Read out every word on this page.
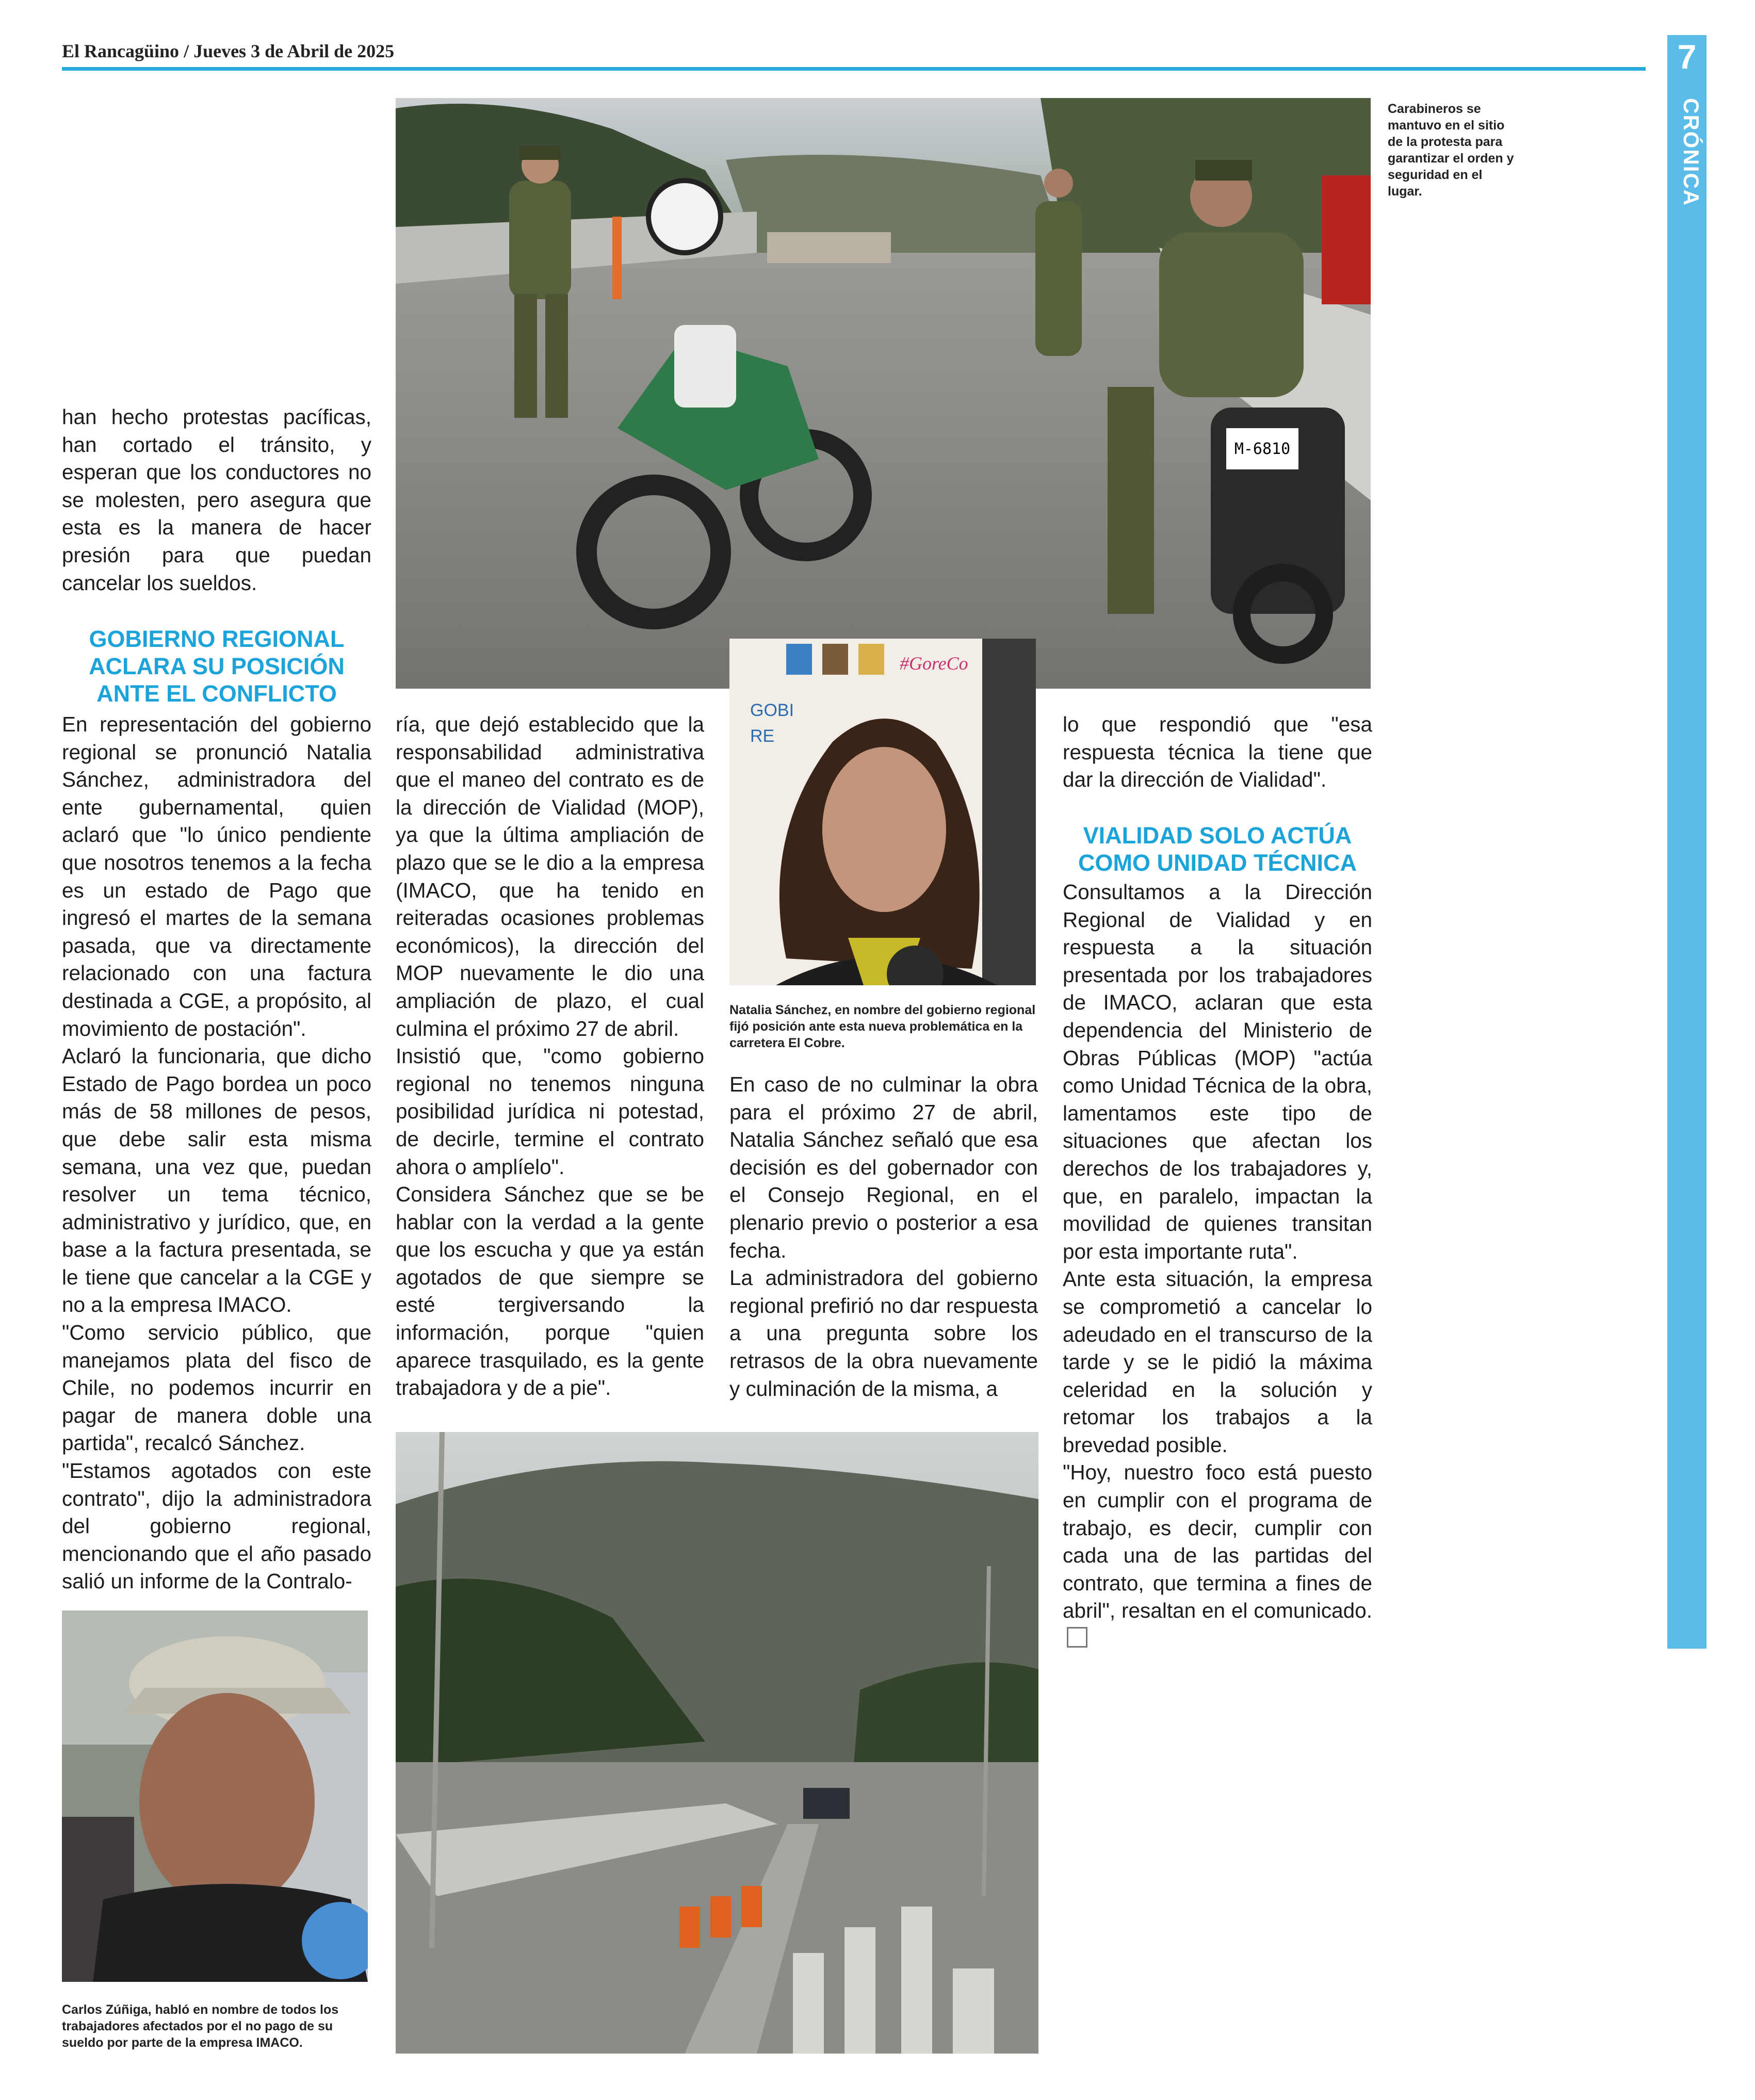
El Rancagüino / Jueves 3 de Abril de 2025	7
CRÓNICA
M-6810
Carabineros se mantuvo en el sitio de la protesta para garantizar el orden y seguridad en el lugar.

han hecho protestas pacíficas, han cortado el tránsito, y esperan que los conductores no se molesten, pero asegura que esta es la manera de hacer presión para que puedan cancelar los sueldos.

GOBIERNO REGIONAL ACLARA SU POSICIÓN ANTE EL CONFLICTO

En representación del gobierno regional se pronunció Natalia Sánchez, administradora del ente gubernamental, quien aclaró que "lo único pendiente que nosotros tenemos a la fecha es un estado de Pago que ingresó el martes de la semana pasada, que va directamente relacionado con una factura destinada a CGE, a propósito, al movimiento de postación".

Aclaró la funcionaria, que dicho Estado de Pago bordea un poco más de 58 millones de pesos, que debe salir esta misma semana, una vez que, puedan resolver un tema técnico, administrativo y jurídico, que, en base a la factura presentada, se le tiene que cancelar a la CGE y no a la empresa IMACO.

"Como servicio público, que manejamos plata del fisco de Chile, no podemos incurrir en pagar de manera doble una partida", recalcó Sánchez.

"Estamos agotados con este contrato", dijo la administradora del gobierno regional, mencionando que el año pasado salió un informe de la Contralo-

Carlos Zúñiga, habló en nombre de todos los trabajadores afectados por el no pago de su sueldo por parte de la empresa IMACO.

ría, que dejó establecido que la responsabilidad administrativa que el maneo del contrato es de la dirección de Vialidad (MOP), ya que la última ampliación de plazo que se le dio a la empresa (IMACO, que ha tenido en reiteradas ocasiones problemas económicos), la dirección del MOP nuevamente le dio una ampliación de plazo, el cual culmina el próximo 27 de abril.

Insistió que, "como gobierno regional no tenemos ninguna posibilidad jurídica ni potestad, de decirle, termine el contrato ahora o amplíelo".

Considera Sánchez que se be hablar con la verdad a la gente que los escucha y que ya están agotados de que siempre se esté tergiversando la información, porque "quien aparece trasquilado, es la gente trabajadora y de a pie".

GOBI
RE
#GoreCo
Natalia Sánchez, en nombre del gobierno regional fijó posición ante esta nueva problemática en la carretera El Cobre.

En caso de no culminar la obra para el próximo 27 de abril, Natalia Sánchez señaló que esa decisión es del gobernador con el Consejo Regional, en el plenario previo o posterior a esa fecha.

La administradora del gobierno regional prefirió no dar respuesta a una pregunta sobre los retrasos de la obra nuevamente y culminación de la misma, a

lo que respondió que "esa respuesta técnica la tiene que dar la dirección de Vialidad".

VIALIDAD SOLO ACTÚA COMO UNIDAD TÉCNICA

Consultamos a la Dirección Regional de Vialidad y en respuesta a la situación presentada por los trabajadores de IMACO, aclaran que esta dependencia del Ministerio de Obras Públicas (MOP) "actúa como Unidad Técnica de la obra, lamentamos este tipo de situaciones que afectan los derechos de los trabajadores y, que, en paralelo, impactan la movilidad de quienes transitan por esta importante ruta".

Ante esta situación, la empresa se comprometió a cancelar lo adeudado en el transcurso de la tarde y se le pidió la máxima celeridad en la solución y retomar los trabajos a la brevedad posible.

"Hoy, nuestro foco está puesto en cumplir con el programa de trabajo, es decir, cumplir con cada una de las partidas del contrato, que termina a fines de abril", resaltan en el comunicado.
